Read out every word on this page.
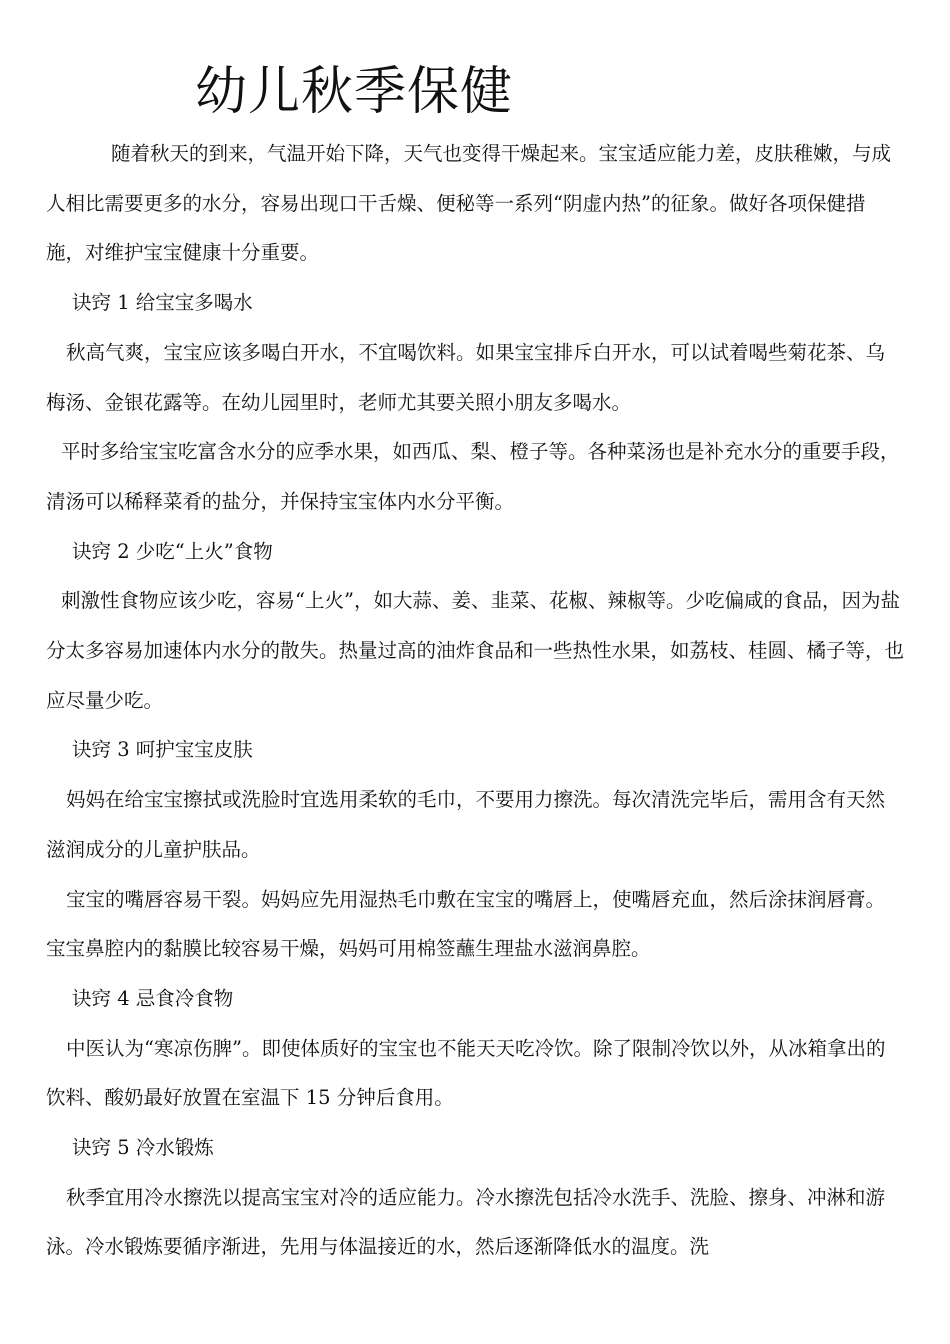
幼儿秋季保健

随着秋天的到来，气温开始下降，天气也变得干燥起来。宝宝适应能力差，皮肤稚嫩，与成人相比需要更多的水分，容易出现口干舌燥、便秘等一系列“阴虚内热”的征象。做好各项保健措施，对维护宝宝健康十分重要。

诀窍 1 给宝宝多喝水

秋高气爽，宝宝应该多喝白开水，不宜喝饮料。如果宝宝排斥白开水，可以试着喝些菊花茶、乌梅汤、金银花露等。在幼儿园里时，老师尤其要关照小朋友多喝水。

平时多给宝宝吃富含水分的应季水果，如西瓜、梨、橙子等。各种菜汤也是补充水分的重要手段，清汤可以稀释菜肴的盐分，并保持宝宝体内水分平衡。

诀窍 2 少吃“上火”食物

刺激性食物应该少吃，容易“上火”，如大蒜、姜、韭菜、花椒、辣椒等。少吃偏咸的食品，因为盐分太多容易加速体内水分的散失。热量过高的油炸食品和一些热性水果，如荔枝、桂圆、橘子等，也应尽量少吃。

诀窍 3 呵护宝宝皮肤

妈妈在给宝宝擦拭或洗脸时宜选用柔软的毛巾，不要用力擦洗。每次清洗完毕后，需用含有天然滋润成分的儿童护肤品。

宝宝的嘴唇容易干裂。妈妈应先用湿热毛巾敷在宝宝的嘴唇上，使嘴唇充血，然后涂抹润唇膏。宝宝鼻腔内的黏膜比较容易干燥，妈妈可用棉签蘸生理盐水滋润鼻腔。

诀窍 4 忌食冷食物

中医认为“寒凉伤脾”。即使体质好的宝宝也不能天天吃冷饮。除了限制冷饮以外，从冰箱拿出的饮料、酸奶最好放置在室温下 15 分钟后食用。

诀窍 5 冷水锻炼

秋季宜用冷水擦洗以提高宝宝对冷的适应能力。冷水擦洗包括冷水洗手、洗脸、擦身、冲淋和游泳。冷水锻炼要循序渐进，先用与体温接近的水，然后逐渐降低水的温度。洗
